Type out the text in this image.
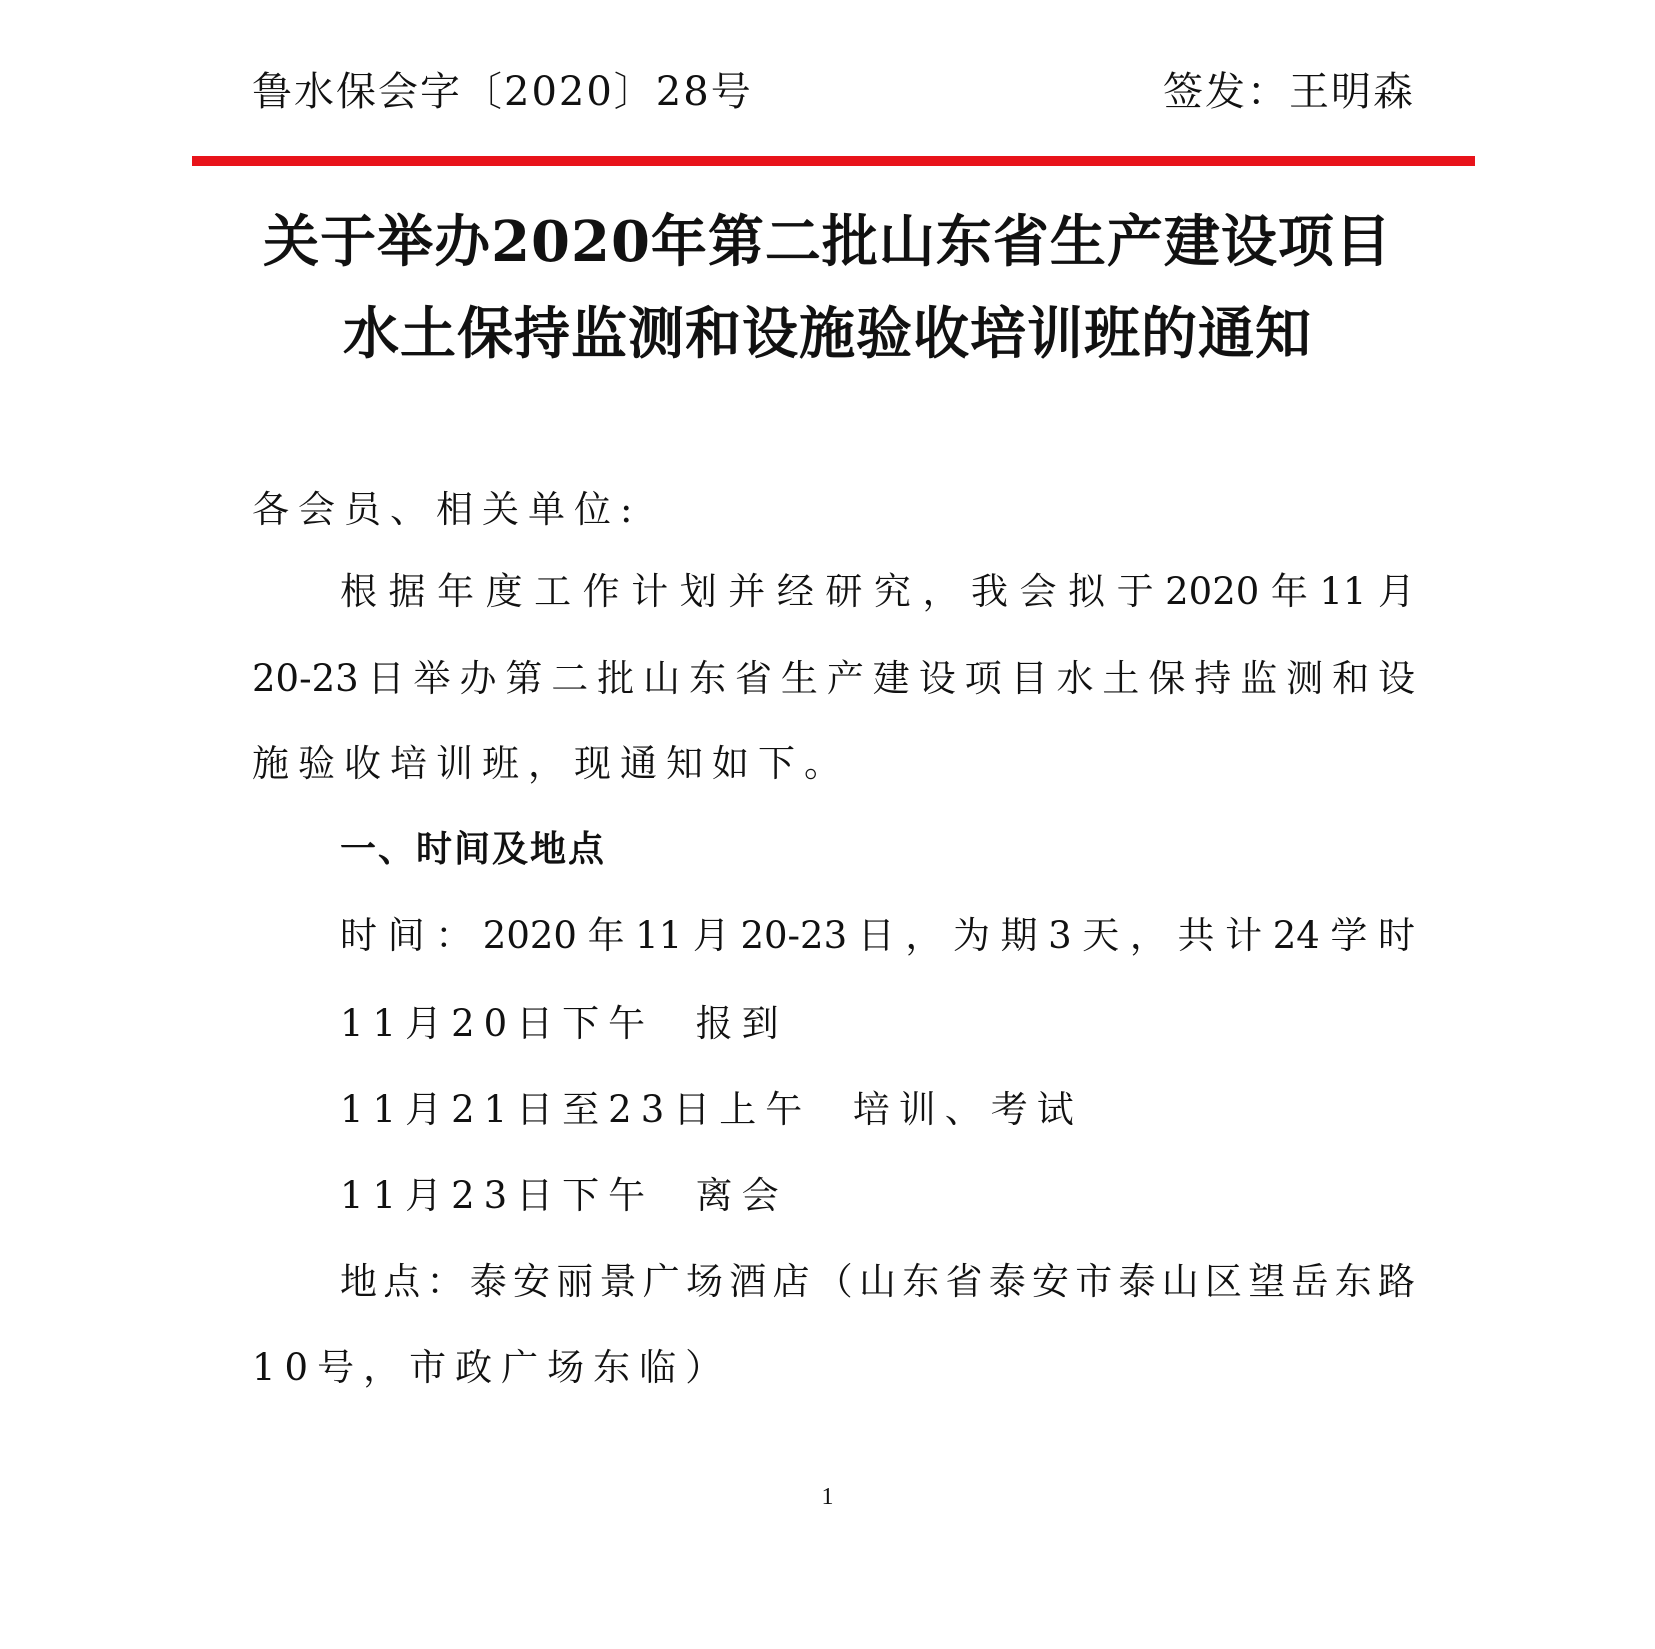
鲁水保会字〔2020〕28号	签发：王明森
关于举办2020年第二批山东省生产建设项目
水土保持监测和设施验收培训班的通知
各会员、相关单位:
根据年度工作计划并经研究，我会拟于2020年11月
20-23日举办第二批山东省生产建设项目水土保持监测和设
施验收培训班，现通知如下。
一、时间及地点
时间：2020年11月20-23日，为期3天，共计24学时
11月20日下午  报到
11月21日至23日上午  培训、考试
11月23日下午  离会
地点：泰安丽景广场酒店（山东省泰安市泰山区望岳东路
10号，市政广场东临）
1
